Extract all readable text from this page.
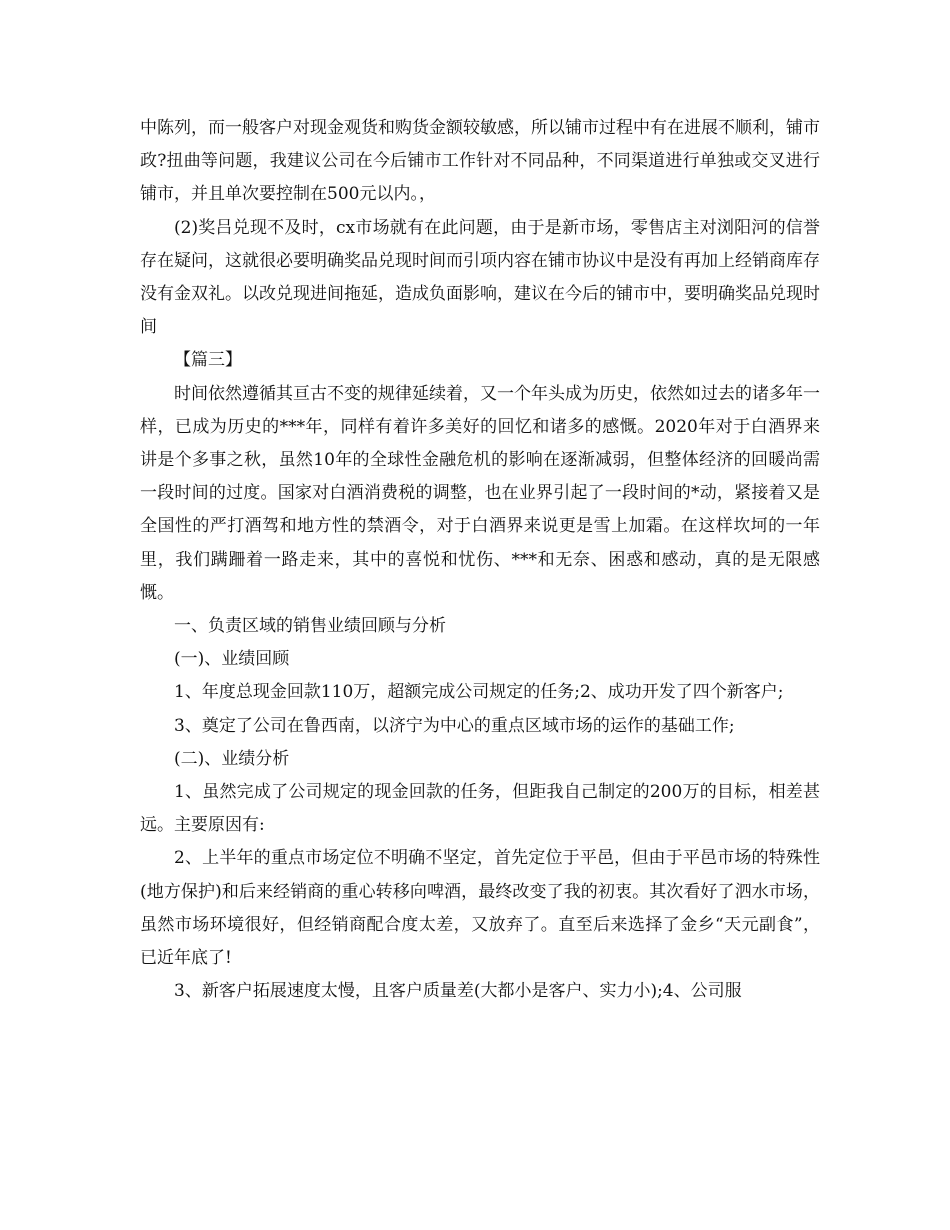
中陈列，而一般客户对现金观货和购货金额较敏感，所以铺市过程中有在进展不顺利，铺市政?扭曲等问题，我建议公司在今后铺市工作针对不同品种，不同渠道进行单独或交叉进行铺市，并且单次要控制在500元以内。，

(2)奖吕兑现不及时，cx市场就有在此问题，由于是新市场，零售店主对浏阳河的信誉存在疑问，这就很必要明确奖品兑现时间而引项内容在铺市协议中是没有再加上经销商库存没有金双礼。以改兑现进间拖延，造成负面影响，建议在今后的铺市中，要明确奖品兑现时间

【篇三】

时间依然遵循其亘古不变的规律延续着，又一个年头成为历史，依然如过去的诸多年一样，已成为历史的***年，同样有着许多美好的回忆和诸多的感慨。2020年对于白酒界来讲是个多事之秋，虽然10年的全球性金融危机的影响在逐渐减弱，但整体经济的回暖尚需一段时间的过度。国家对白酒消费税的调整，也在业界引起了一段时间的*动，紧接着又是全国性的严打酒驾和地方性的禁酒令，对于白酒界来说更是雪上加霜。在这样坎坷的一年里，我们蹒跚着一路走来，其中的喜悦和忧伤、***和无奈、困惑和感动，真的是无限感慨。

一、负责区域的销售业绩回顾与分析

(一)、业绩回顾

1、年度总现金回款110万，超额完成公司规定的任务;2、成功开发了四个新客户;

3、奠定了公司在鲁西南，以济宁为中心的重点区域市场的运作的基础工作;

(二)、业绩分析

1、虽然完成了公司规定的现金回款的任务，但距我自己制定的200万的目标，相差甚远。主要原因有:

2、上半年的重点市场定位不明确不坚定，首先定位于平邑，但由于平邑市场的特殊性(地方保护)和后来经销商的重心转移向啤酒，最终改变了我的初衷。其次看好了泗水市场，虽然市场环境很好，但经销商配合度太差，又放弃了。直至后来选择了金乡“天元副食”，已近年底了!

3、新客户拓展速度太慢，且客户质量差(大都小是客户、实力小);4、公司服
